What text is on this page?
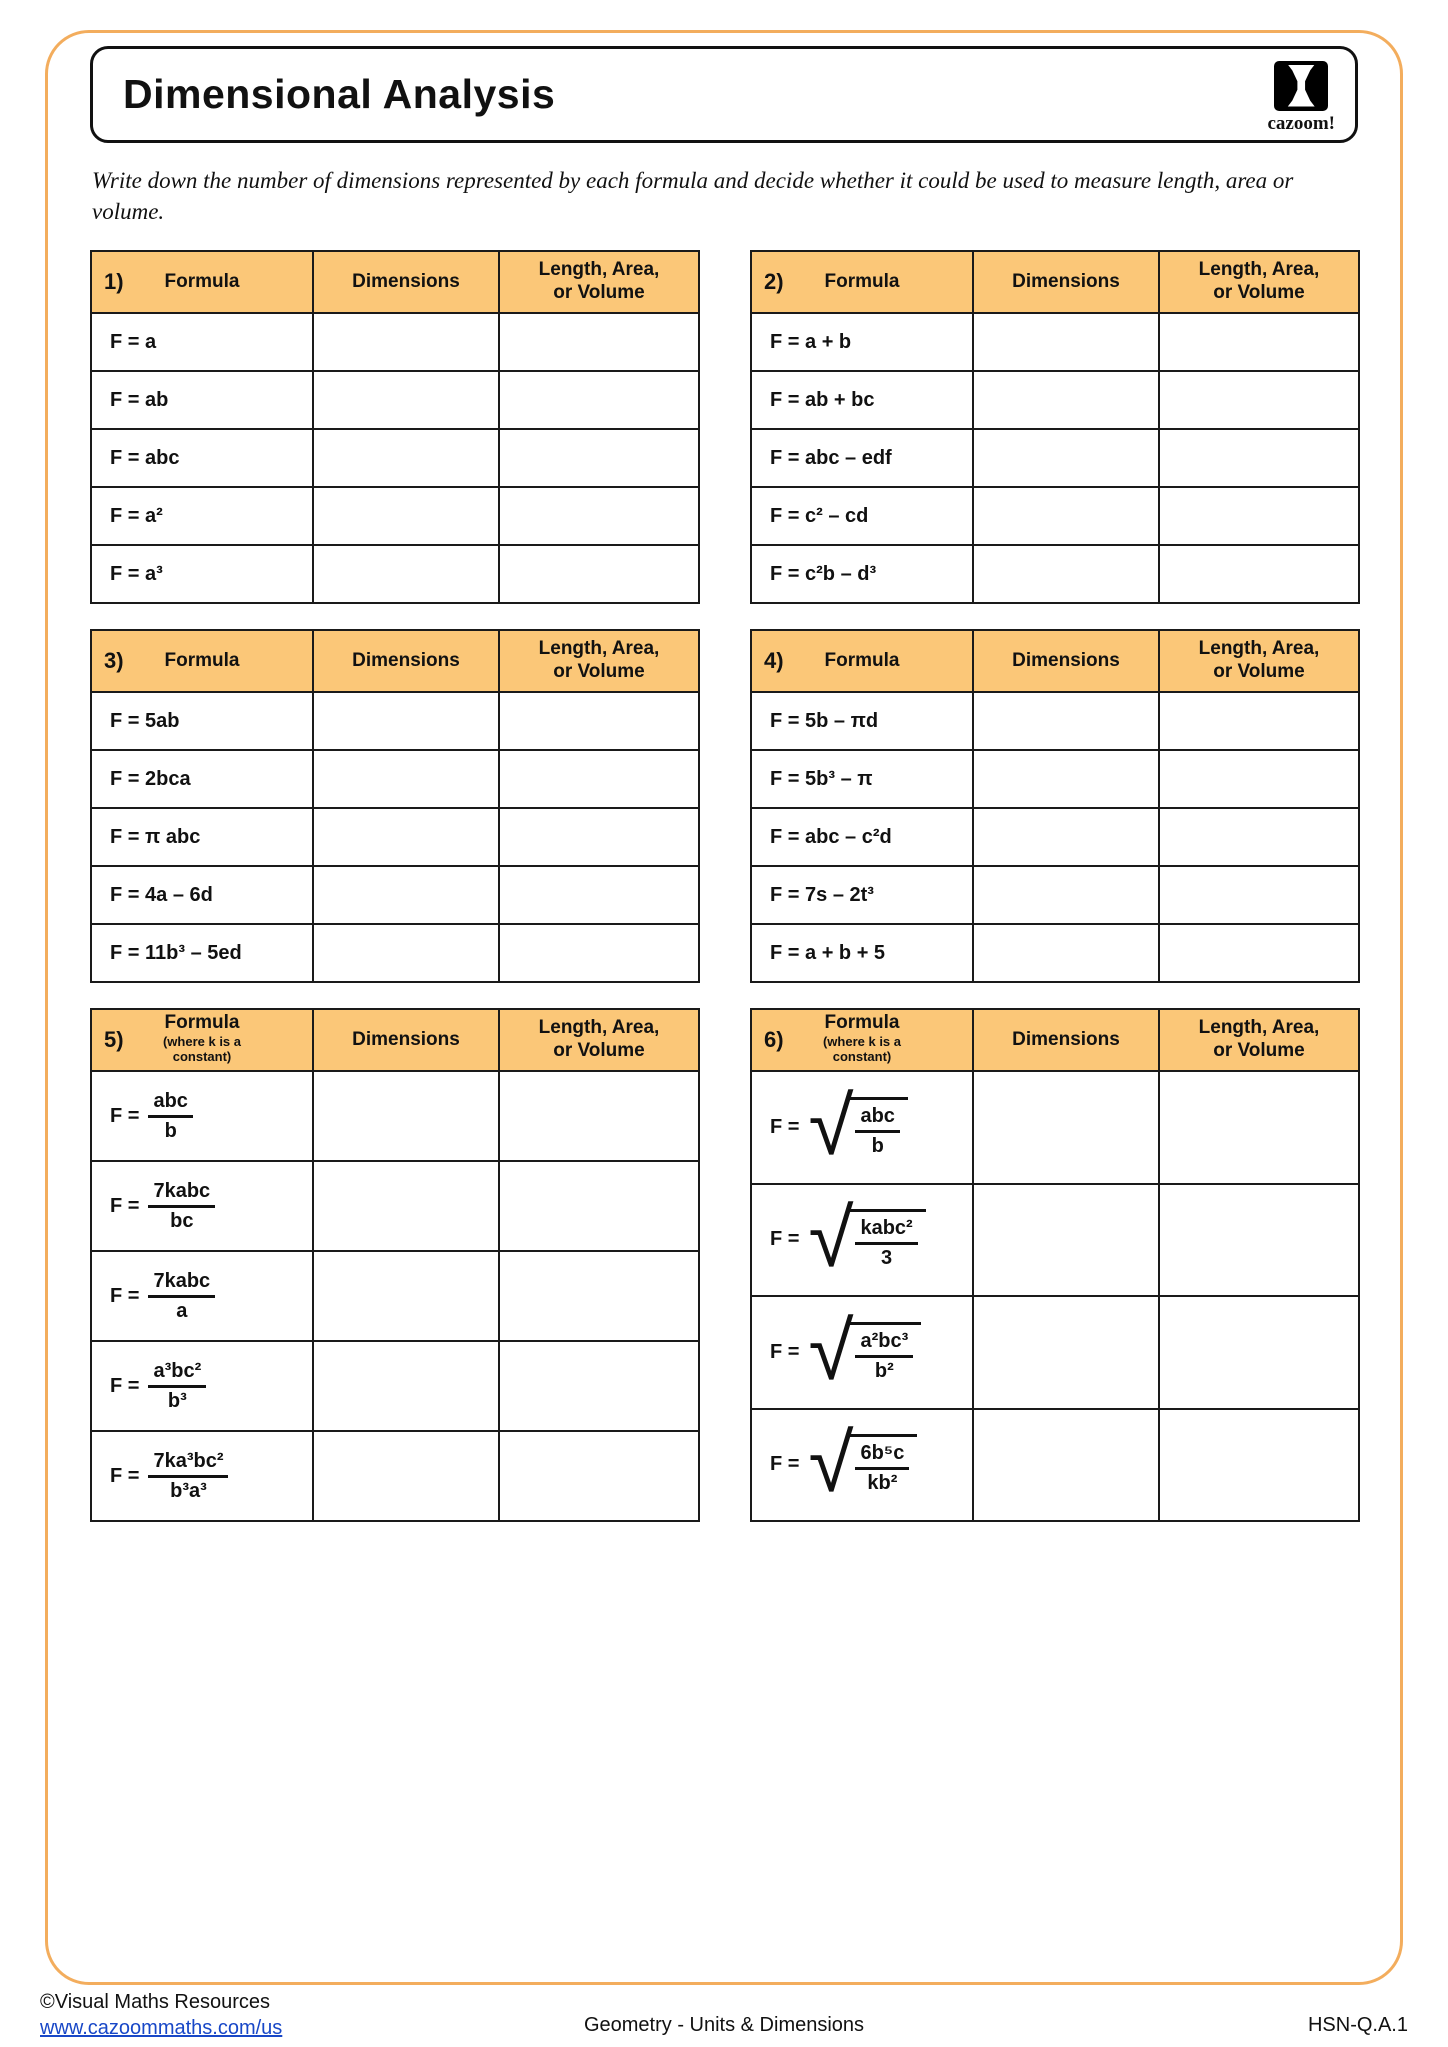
Dimensional Analysis
cazoom!

Write down the number of dimensions represented by each formula and decide whether it could be used to measure length, area or volume.

1) Formula	Dimensions	Length, Area,
or Volume

F = a		
F = ab		
F = abc		
F = a²		
F = a³		
2) Formula	Dimensions	Length, Area,
or Volume

F = a + b		
F = ab + bc		
F = abc – edf		
F = c² – cd		
F = c²b – d³		
3) Formula	Dimensions	Length, Area,
or Volume

F = 5ab		
F = 2bca		
F = π abc		
F = 4a – 6d		
F = 11b³ – 5ed		
4) Formula	Dimensions	Length, Area,
or Volume

F = 5b – πd		
F = 5b³ – π		
F = abc – c²d		
F = 7s – 2t³		
F = a + b + 5		
5)
Formula
(where k is a constant)	Dimensions	Length, Area,
or Volume

$F = \frac{\text{abc}}{b}$

$F = \frac{\text{7kabc}}{bc}$

$F = \frac{\text{7kabc}}{a}$

$F = \frac{\text{a³bc²}}{\text{b³}}$

$F = \frac{\text{7ka³bc²}}{\text{b³a³}}$

6)
Formula
(where k is a constant)	Dimensions	Length, Area,
or Volume

F = √ $\frac{\text{abc}}{b}$

F = √ $\frac{\text{kabc²}}{3}$

F = √ $\frac{\text{a²bc³}}{\text{b²}}$

F = √ $\frac{\text{6b⁵c}}{\text{kb²}}$

©Visual Maths Resources
www.cazoommaths.com/us	Geometry - Units & Dimensions	HSN-Q.A.1
